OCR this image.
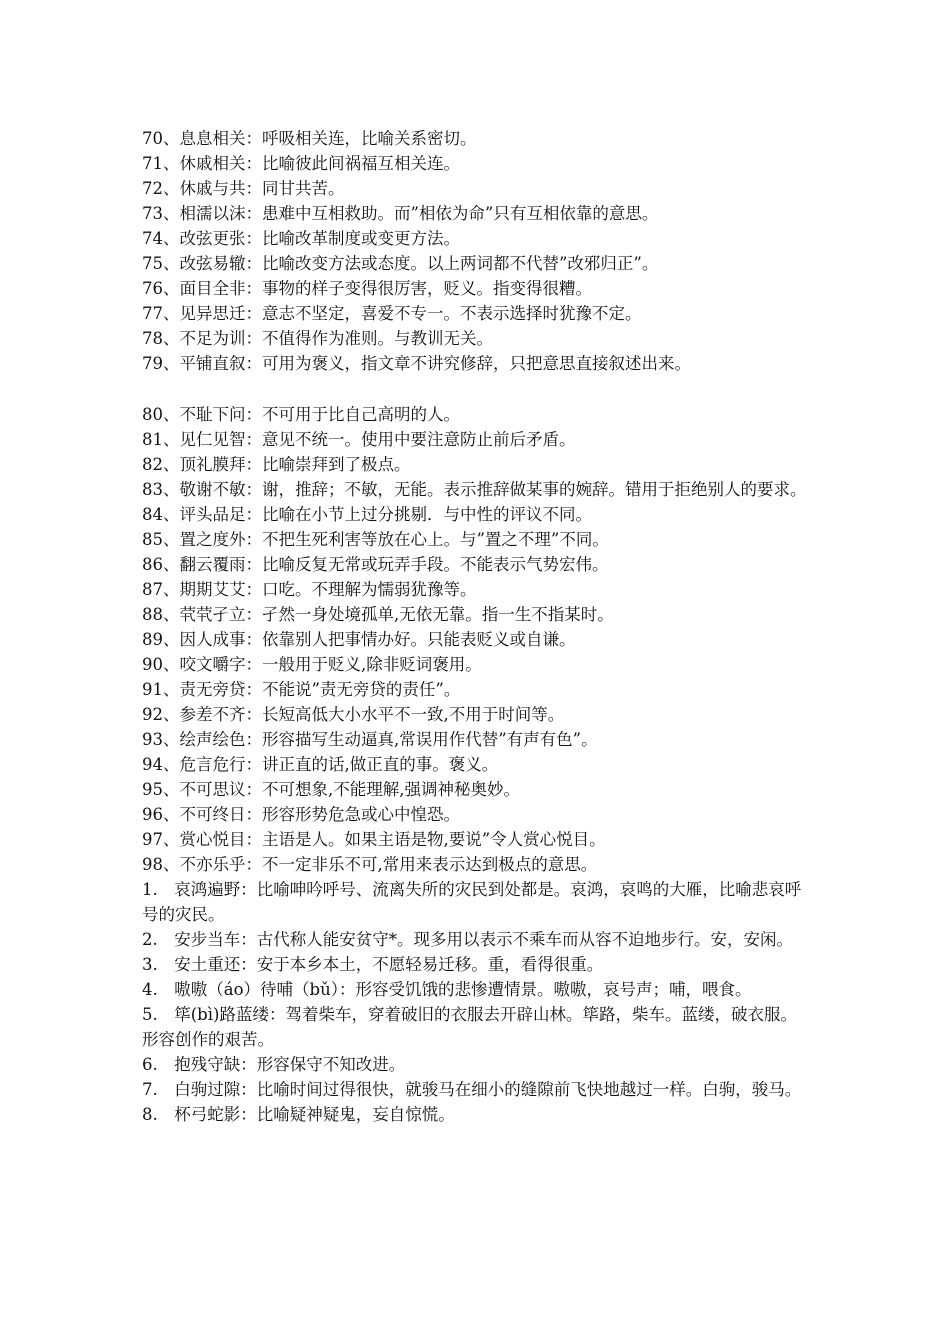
70、息息相关：呼吸相关连，比喻关系密切。

71、休戚相关：比喻彼此间祸福互相关连。

72、休戚与共：同甘共苦。

73、相濡以沫：患难中互相救助。而”相依为命”只有互相依靠的意思。

74、改弦更张：比喻改革制度或变更方法。

75、改弦易辙：比喻改变方法或态度。以上两词都不代替”改邪归正”。

76、面目全非：事物的样子变得很厉害，贬义。指变得很糟。

77、见异思迁：意志不坚定，喜爱不专一。不表示选择时犹豫不定。

78、不足为训：不值得作为准则。与教训无关。

79、平铺直叙：可用为褒义，指文章不讲究修辞，只把意思直接叙述出来。

80、不耻下问：不可用于比自己高明的人。

81、见仁见智：意见不统一。使用中要注意防止前后矛盾。

82、顶礼膜拜：比喻崇拜到了极点。

83、敬谢不敏：谢，推辞；不敏，无能。表示推辞做某事的婉辞。错用于拒绝别人的要求。

84、评头品足：比喻在小节上过分挑剔．与中性的评议不同。

85、置之度外：不把生死利害等放在心上。与”置之不理”不同。

86、翻云覆雨：比喻反复无常或玩弄手段。不能表示气势宏伟。

87、期期艾艾：口吃。不理解为懦弱犹豫等。

88、茕茕孑立：孑然一身处境孤单,无依无靠。指一生不指某时。

89、因人成事：依靠别人把事情办好。只能表贬义或自谦。

90、咬文嚼字：一般用于贬义,除非贬词褒用。

91、责无旁贷：不能说”责无旁贷的责任”。

92、参差不齐：长短高低大小水平不一致,不用于时间等。

93、绘声绘色：形容描写生动逼真,常误用作代替”有声有色”。

94、危言危行：讲正直的话,做正直的事。褒义。

95、不可思议：不可想象,不能理解,强调神秘奥妙。

96、不可终日：形容形势危急或心中惶恐。

97、赏心悦目：主语是人。如果主语是物,要说”令人赏心悦目。

98、不亦乐乎：不一定非乐不可,常用来表示达到极点的意思。

1.　哀鸿遍野：比喻呻吟呼号、流离失所的灾民到处都是。哀鸿，哀鸣的大雁，比喻悲哀呼号的灾民。

2.　安步当车：古代称人能安贫守*。现多用以表示不乘车而从容不迫地步行。安，安闲。

3.　安土重还：安于本乡本土，不愿轻易迁移。重，看得很重。

4.　嗷嗷（áo）待哺（bǔ）：形容受饥饿的悲惨遭情景。嗷嗷，哀号声；哺，喂食。

5.　筚(bì)路蓝缕：驾着柴车，穿着破旧的衣服去开辟山林。筚路，柴车。蓝缕，破衣服。形容创作的艰苦。

6.　抱残守缺：形容保守不知改进。

7.　白驹过隙：比喻时间过得很快，就骏马在细小的缝隙前飞快地越过一样。白驹，骏马。

8.　杯弓蛇影：比喻疑神疑鬼，妄自惊慌。
